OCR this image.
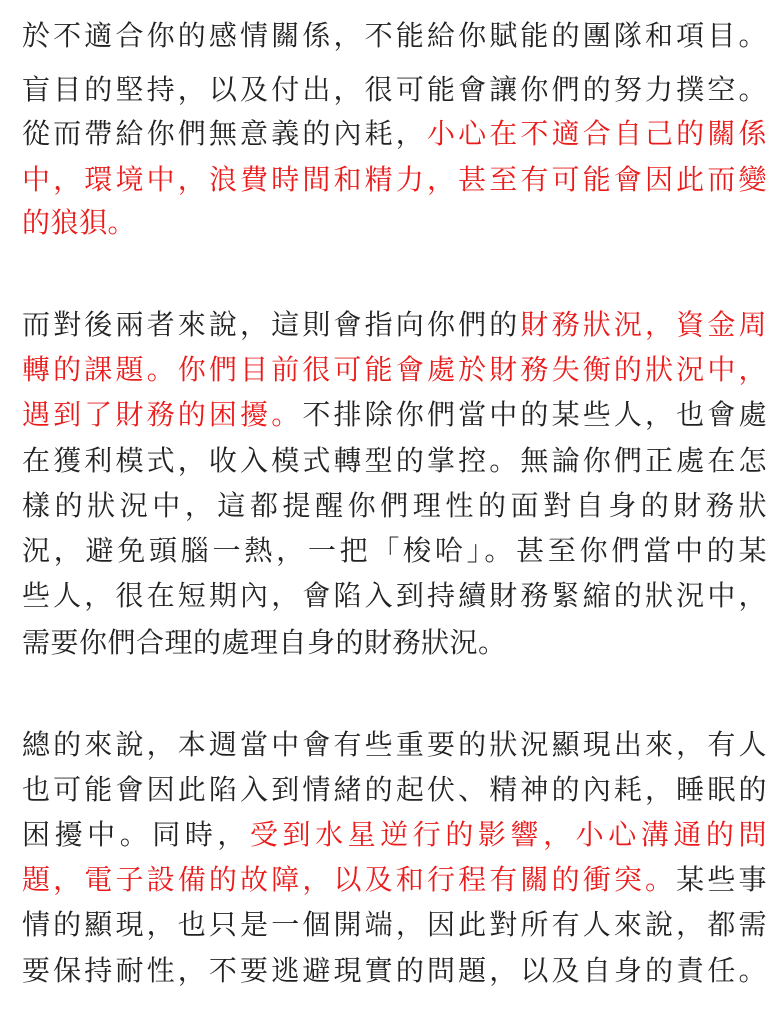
於不適合你的感情關係，不能給你賦能的團隊和項目。
盲目的堅持，以及付出，很可能會讓你們的努力撲空。
從而帶給你們無意義的內耗，小心在不適合自己的關係
中，環境中，浪費時間和精力，甚至有可能會因此而變
的狼狽。
而對後兩者來說，這則會指向你們的財務狀況，資金周
轉的課題。你們目前很可能會處於財務失衡的狀況中，
遇到了財務的困擾。不排除你們當中的某些人，也會處
在獲利模式，收入模式轉型的掌控。無論你們正處在怎
樣的狀況中，這都提醒你們理性的面對自身的財務狀
況，避免頭腦一熱，一把「梭哈」。甚至你們當中的某
些人，很在短期內，會陷入到持續財務緊縮的狀況中，
需要你們合理的處理自身的財務狀況。
總的來說，本週當中會有些重要的狀況顯現出來，有人
也可能會因此陷入到情緒的起伏、精神的內耗，睡眠的
困擾中。同時，受到水星逆行的影響，小心溝通的問
題，電子設備的故障，以及和行程有關的衝突。某些事
情的顯現，也只是一個開端，因此對所有人來說，都需
要保持耐性，不要逃避現實的問題，以及自身的責任。
